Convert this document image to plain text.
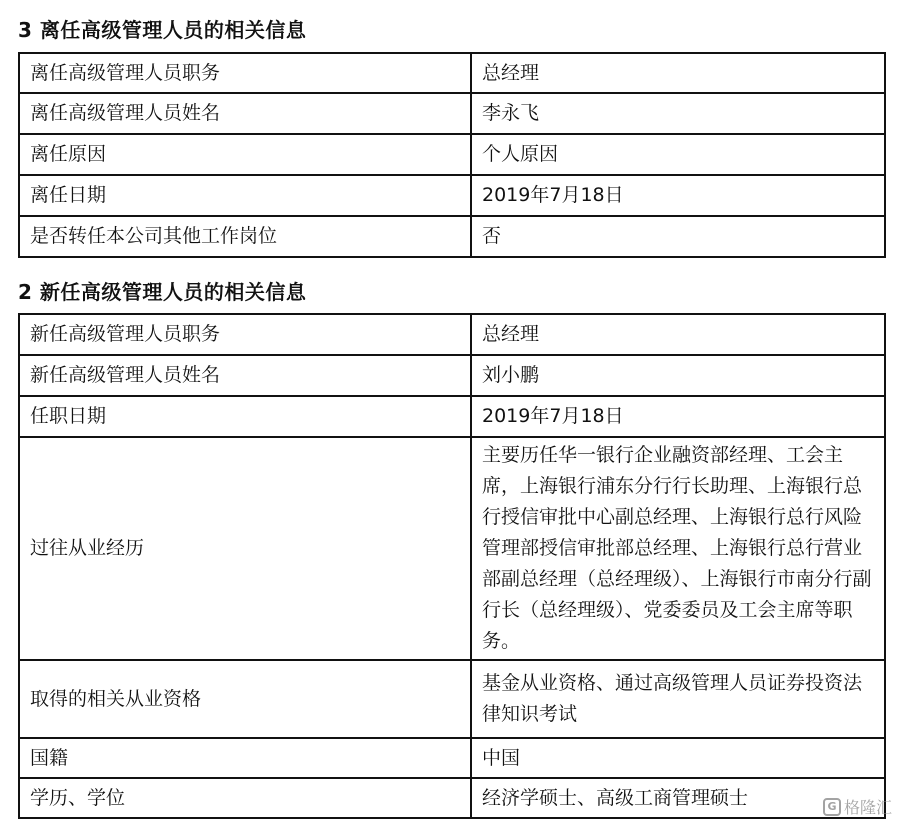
3 离任高级管理人员的相关信息
离任高级管理人员职务	总经理
离任高级管理人员姓名	李永飞
离任原因	个人原因
离任日期	2019年7月18日
是否转任本公司其他工作岗位	否
2 新任高级管理人员的相关信息
新任高级管理人员职务	总经理
新任高级管理人员姓名	刘小鹏
任职日期	2019年7月18日
过往从业经历	主要历任华一银行企业融资部经理、工会主席，上海银行浦东分行行长助理、上海银行总行授信审批中心副总经理、上海银行总行风险管理部授信审批部总经理、上海银行总行营业部副总经理（总经理级）、上海银行市南分行副行长（总经理级）、党委委员及工会主席等职务。
取得的相关从业资格	基金从业资格、通过高级管理人员证券投资法律知识考试
国籍	中国
学历、学位	经济学硕士、高级工商管理硕士	G 格隆汇
